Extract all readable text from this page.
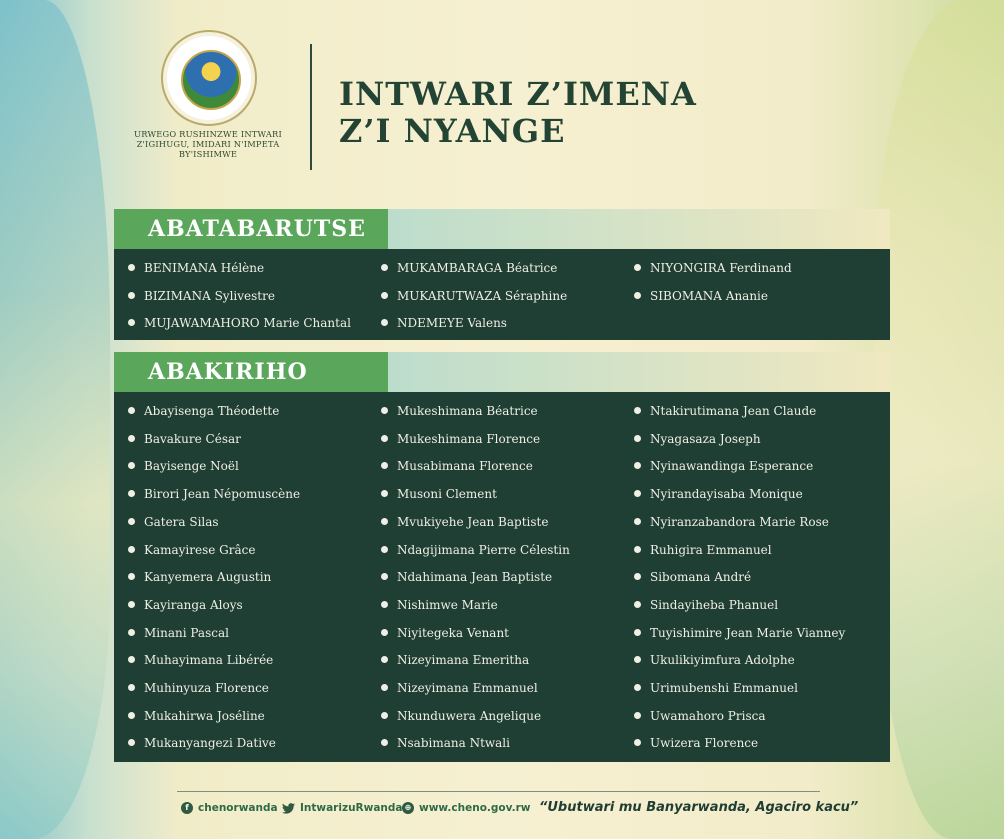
URWEGO RUSHINZWE INTWARI Z'IGIHUGU, IMIDARI N'IMPETA BY'ISHIMWE
INTWARI Z’IMENA
Z’I NYANGE
ABATABARUTSE
BENIMANA Hélène
BIZIMANA Sylivestre
MUJAWAMAHORO Marie Chantal
MUKAMBARAGA Béatrice
MUKARUTWAZA Séraphine
NDEMEYE Valens
NIYONGIRA Ferdinand
SIBOMANA Ananie
ABAKIRIHO
Abayisenga Théodette
Bavakure César
Bayisenge Noël
Birori Jean Népomuscène
Gatera Silas
Kamayirese Grâce
Kanyemera Augustin
Kayiranga Aloys
Minani Pascal
Muhayimana Libérée
Muhinyuza Florence
Mukahirwa Joséline
Mukanyangezi Dative
Mukeshimana Béatrice
Mukeshimana Florence
Musabimana Florence
Musoni Clement
Mvukiyehe Jean Baptiste
Ndagijimana Pierre Célestin
Ndahimana Jean Baptiste
Nishimwe Marie
Niyitegeka Venant
Nizeyimana Emeritha
Nizeyimana Emmanuel
Nkunduwera Angelique
Nsabimana Ntwali
Ntakirutimana Jean Claude
Nyagasaza Joseph
Nyinawandinga Esperance
Nyirandayisaba Monique
Nyiranzabandora Marie Rose
Ruhigira Emmanuel
Sibomana André
Sindayiheba Phanuel
Tuyishimire Jean Marie Vianney
Ukulikiyimfura Adolphe
Urimubenshi Emmanuel
Uwamahoro Prisca
Uwizera Florence
f chenorwanda	IntwarizuRwanda ⊕ www.cheno.gov.rw “Ubutwari mu Banyarwanda, Agaciro kacu”
